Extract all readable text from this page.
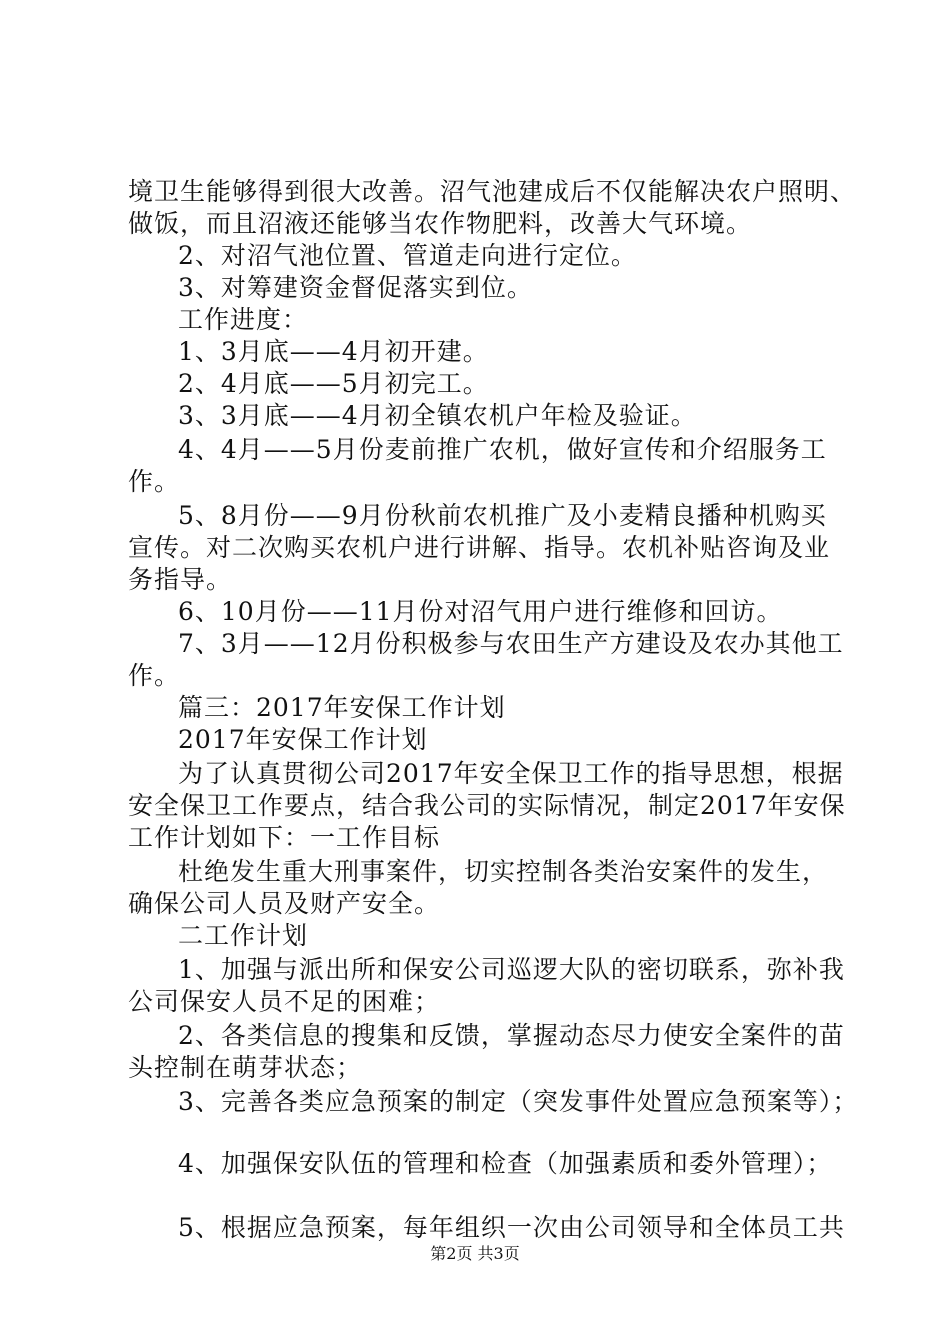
境卫生能够得到很大改善。沼气池建成后不仅能解决农户照明、
做饭，而且沼液还能够当农作物肥料，改善大气环境。
2、对沼气池位置、管道走向进行定位。
3、对筹建资金督促落实到位。
工作进度：
1、3月底——4月初开建。
2、4月底——5月初完工。
3、3月底——4月初全镇农机户年检及验证。
4、4月——5月份麦前推广农机，做好宣传和介绍服务工
作。
5、8月份——9月份秋前农机推广及小麦精良播种机购买
宣传。对二次购买农机户进行讲解、指导。农机补贴咨询及业
务指导。
6、10月份——11月份对沼气用户进行维修和回访。
7、3月——12月份积极参与农田生产方建设及农办其他工
作。
篇三：2017年安保工作计划
2017年安保工作计划
为了认真贯彻公司2017年安全保卫工作的指导思想，根据
安全保卫工作要点，结合我公司的实际情况，制定2017年安保
工作计划如下：一工作目标
杜绝发生重大刑事案件，切实控制各类治安案件的发生，
确保公司人员及财产安全。
二工作计划
1、加强与派出所和保安公司巡逻大队的密切联系，弥补我
公司保安人员不足的困难；
2、各类信息的搜集和反馈，掌握动态尽力使安全案件的苗
头控制在萌芽状态；
3、完善各类应急预案的制定（突发事件处置应急预案等）；
4、加强保安队伍的管理和检查（加强素质和委外管理）；
5、根据应急预案，每年组织一次由公司领导和全体员工共
第2页 共3页
